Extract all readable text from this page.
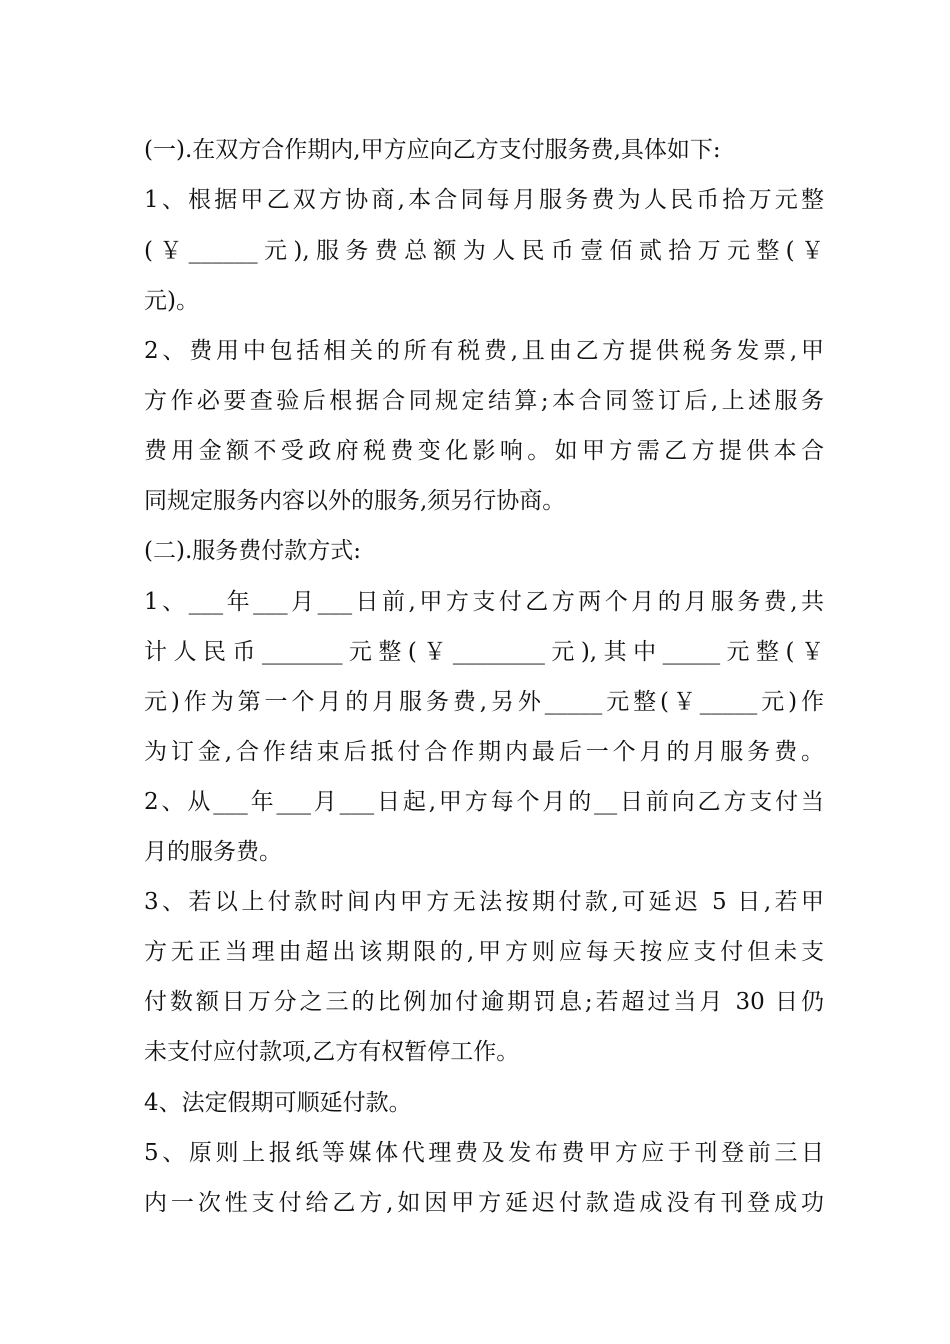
(一).在双方合作期内,甲方应向乙方支付服务费,具体如下:
1、根据甲乙双方协商,本合同每月服务费为人民币拾万元整
(￥______元),服务费总额为人民币壹佰贰拾万元整(￥
元)。
2、费用中包括相关的所有税费,且由乙方提供税务发票,甲
方作必要查验后根据合同规定结算;本合同签订后,上述服务
费用金额不受政府税费变化影响。如甲方需乙方提供本合
同规定服务内容以外的服务,须另行协商。
(二).服务费付款方式:
1、___年___月___日前,甲方支付乙方两个月的月服务费,共
计人民币_______元整(￥________元),其中_____元整(￥
元)作为第一个月的月服务费,另外_____元整(￥_____元)作
为订金,合作结束后抵付合作期内最后一个月的月服务费。
2、从___年___月___日起,甲方每个月的__日前向乙方支付当
月的服务费。
3、若以上付款时间内甲方无法按期付款,可延迟 5 日,若甲
方无正当理由超出该期限的,甲方则应每天按应支付但未支
付数额日万分之三的比例加付逾期罚息;若超过当月 30 日仍
未支付应付款项,乙方有权暂停工作。
4、法定假期可顺延付款。
5、原则上报纸等媒体代理费及发布费甲方应于刊登前三日
内一次性支付给乙方,如因甲方延迟付款造成没有刊登成功
